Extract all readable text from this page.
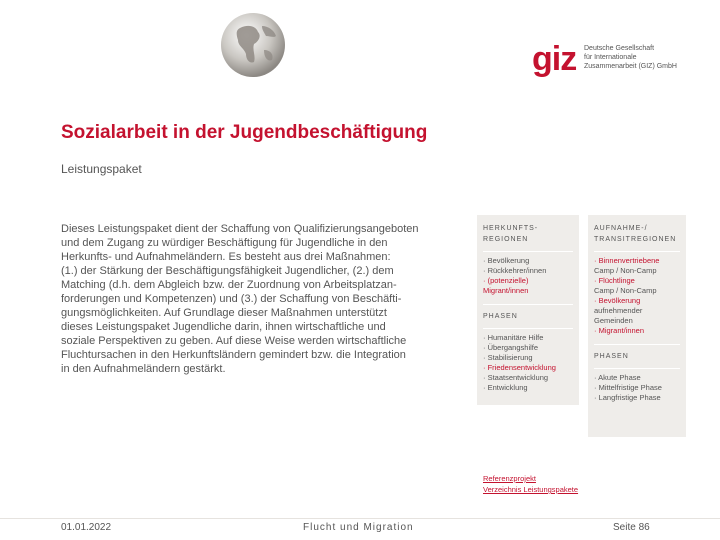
giz Deutsche Gesellschaft
für Internationale
Zusammenarbeit (GIZ) GmbH
Sozialarbeit in der Jugendbeschäftigung
Leistungspaket
Dieses Leistungspaket dient der Schaffung von Qualifizierungsangeboten
und dem Zugang zu würdiger Beschäftigung für Jugendliche in den
Herkunfts- und Aufnahmeländern. Es besteht aus drei Maßnahmen:
(1.) der Stärkung der Beschäftigungsfähigkeit Jugendlicher, (2.) dem
Matching (d.h. dem Abgleich bzw. der Zuordnung von Arbeitsplatzan-
forderungen und Kompetenzen) und (3.) der Schaffung von Beschäfti-
gungsmöglichkeiten. Auf Grundlage dieser Maßnahmen unterstützt
dieses Leistungspaket Jugendliche darin, ihnen wirtschaftliche und
soziale Perspektiven zu geben. Auf diese Weise werden wirtschaftliche
Fluchtursachen in den Herkunftsländern gemindert bzw. die Integration
in den Aufnahmeländern gestärkt.
HERKUNFTS-
REGIONEN
· Bevölkerung
· Rückkehrer/innen
· (potenzielle)
Migrant/innen
PHASEN
· Humanitäre Hilfe
· Übergangshilfe
· Stabilisierung
· Friedensentwicklung
· Staatsentwicklung
· Entwicklung
AUFNAHME-/
TRANSITREGIONEN
· Binnenvertriebene
Camp / Non-Camp
· Flüchtlinge
Camp / Non-Camp
· Bevölkerung
aufnehmender
Gemeinden
· Migrant/innen
PHASEN
· Akute Phase
· Mittelfristige Phase
· Langfristige Phase
Referenzprojekt
Verzeichnis Leistungspakete
01.01.2022	Flucht und Migration	Seite 86
